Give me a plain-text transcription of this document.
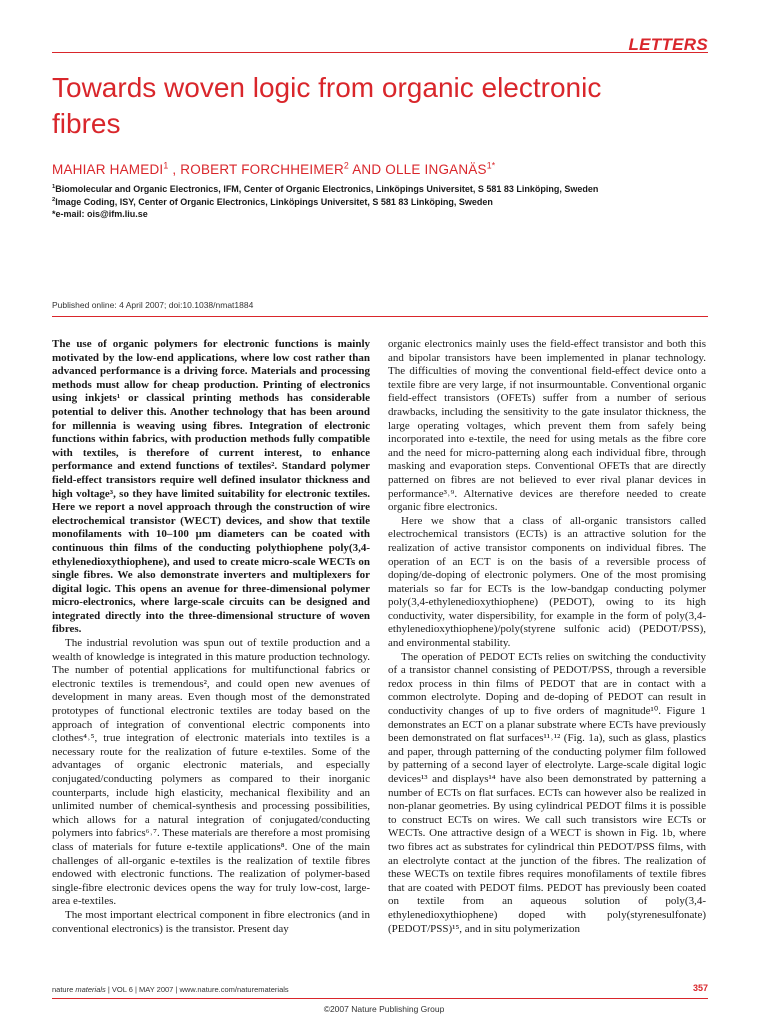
LETTERS
Towards woven logic from organic electronic fibres
MAHIAR HAMEDI$^1$ , ROBERT FORCHHEIMER$^2$ AND OLLE $INGANÄS^{1*}$
$^1$Biomolecular and Organic Electronics, IFM, Center of Organic Electronics, Linköpings Universitet, S 581 83 Linköping, Sweden
$^2$Image Coding, ISY, Center of Organic Electronics, Linköpings Universitet, S 581 83 Linköping, Sweden
*e-mail: ois@ifm.liu.se
Published online: 4 April 2007; doi:10.1038/nmat1884

The use of organic polymers for electronic functions is mainly motivated by the low-end applications, where low cost rather than advanced performance is a driving force. Materials and processing methods must allow for cheap production. Printing of electronics using inkjets¹ or classical printing methods has considerable potential to deliver this. Another technology that has been around for millennia is weaving using fibres. Integration of electronic functions within fabrics, with production methods fully compatible with textiles, is therefore of current interest, to enhance performance and extend functions of textiles². Standard polymer field-effect transistors require well defined insulator thickness and high voltage³, so they have limited suitability for electronic textiles. Here we report a novel approach through the construction of wire electrochemical transistor (WECT) devices, and show that textile monofilaments with 10–100 μm diameters can be coated with continuous thin films of the conducting polythiophene poly(3,4-ethylenedioxythiophene), and used to create micro-scale WECTs on single fibres. We also demonstrate inverters and multiplexers for digital logic. This opens an avenue for three-dimensional polymer micro-electronics, where large-scale circuits can be designed and integrated directly into the three-dimensional structure of woven fibres.

The industrial revolution was spun out of textile production and a wealth of knowledge is integrated in this mature production technology. The number of potential applications for multifunctional fabrics or electronic textiles is tremendous², and could open new avenues of development in many areas. Even though most of the demonstrated prototypes of functional electronic textiles are today based on the approach of integration of conventional electric components into clothes⁴˒⁵, true integration of electronic materials into textiles is a necessary route for the realization of future e-textiles. Some of the advantages of organic electronic materials, and especially conjugated/conducting polymers as compared to their inorganic counterparts, include high elasticity, mechanical flexibility and an unlimited number of chemical-synthesis and processing possibilities, which allows for a natural integration of conjugated/conducting polymers into fabrics⁶˒⁷. These materials are therefore a most promising class of materials for future e-textile applications⁸. One of the main challenges of all-organic e-textiles is the realization of textile fibres endowed with electronic functions. The realization of polymer-based single-fibre electronic devices opens the way for truly low-cost, large-area e-textiles.

The most important electrical component in fibre electronics (and in conventional electronics) is the transistor. Present day

organic electronics mainly uses the field-effect transistor and both this and bipolar transistors have been implemented in planar technology. The difficulties of moving the conventional field-effect device onto a textile fibre are very large, if not insurmountable. Conventional organic field-effect transistors (OFETs) suffer from a number of serious drawbacks, including the sensitivity to the gate insulator thickness, the large operating voltages, which prevent them from safely being incorporated into e-textile, the need for using metals as the fibre core and the need for micro-patterning along each individual fibre, through masking and evaporation steps. Conventional OFETs that are directly patterned on fibres are not believed to ever rival planar devices in performance³˒⁹. Alternative devices are therefore needed to create organic fibre electronics.

Here we show that a class of all-organic transistors called electrochemical transistors (ECTs) is an attractive solution for the realization of active transistor components on individual fibres. The operation of an ECT is on the basis of a reversible process of doping/de-doping of electronic polymers. One of the most promising materials so far for ECTs is the low-bandgap conducting polymer poly(3,4-ethylenedioxythiophene) (PEDOT), owing to its high conductivity, water dispersibility, for example in the form of poly(3,4-ethylenedioxythiophene)/poly(styrene sulfonic acid) (PEDOT/PSS), and environmental stability.

The operation of PEDOT ECTs relies on switching the conductivity of a transistor channel consisting of PEDOT/PSS, through a reversible redox process in thin films of PEDOT that are in contact with a common electrolyte. Doping and de-doping of PEDOT can result in conductivity changes of up to five orders of magnitude¹⁰. Figure 1 demonstrates an ECT on a planar substrate where ECTs have previously been demonstrated on flat surfaces¹¹˒¹² (Fig. 1a), such as glass, plastics and paper, through patterning of the conducting polymer film followed by patterning of a second layer of electrolyte. Large-scale digital logic devices¹³ and displays¹⁴ have also been demonstrated by patterning a number of ECTs on flat surfaces. ECTs can however also be realized in non-planar geometries. By using cylindrical PEDOT films it is possible to construct ECTs on wires. We call such transistors wire ECTs or WECTs. One attractive design of a WECT is shown in Fig. 1b, where two fibres act as substrates for cylindrical thin PEDOT/PSS films, with an electrolyte contact at the junction of the fibres. The realization of these WECTs on textile fibres requires monofilaments of textile fibres that are coated with PEDOT films. PEDOT has previously been coated on textile from an aqueous solution of poly(3,4-ethylenedioxythiophene) doped with poly(styrenesulfonate) (PEDOT/PSS)¹⁵, and in situ polymerization

nature materials | VOL 6 | MAY 2007 | www.nature.com/naturematerials	357
©2007 Nature Publishing Group
